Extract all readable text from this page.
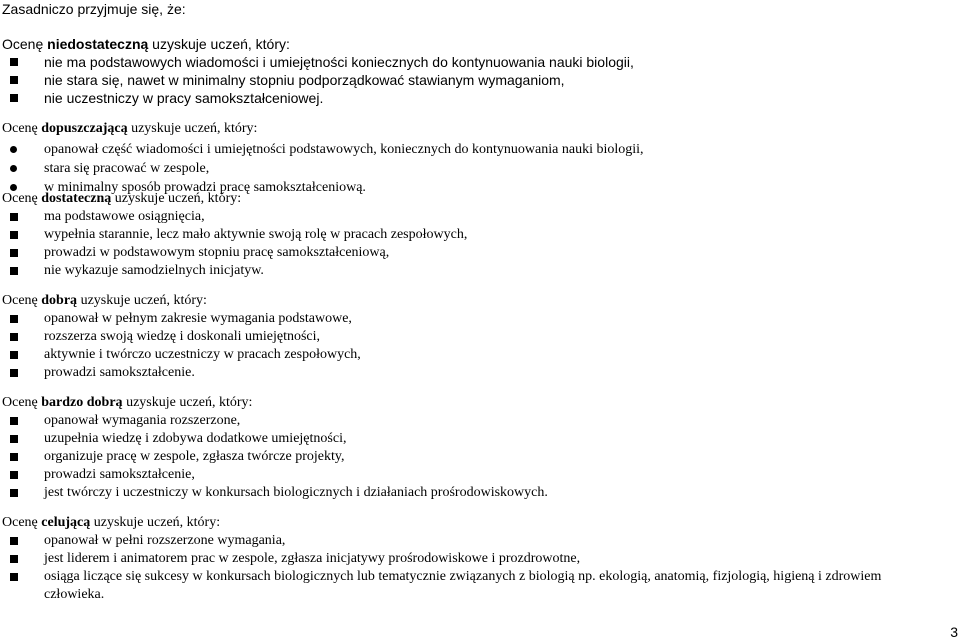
Zasadniczo przyjmuje się, że:
Ocenę niedostateczną uzyskuje uczeń, który:
nie ma podstawowych wiadomości i umiejętności koniecznych do kontynuowania nauki biologii,
nie stara się, nawet w minimalny stopniu podporządkować stawianym wymaganiom,
nie uczestniczy w pracy samokształceniowej.
Ocenę dopuszczającą uzyskuje uczeń, który:
opanował część wiadomości i umiejętności podstawowych, koniecznych do kontynuowania nauki biologii,
stara się pracować w zespole,
w minimalny sposób prowadzi pracę samokształceniową.
Ocenę dostateczną uzyskuje uczeń, który:
ma podstawowe osiągnięcia,
wypełnia starannie, lecz mało aktywnie swoją rolę w pracach zespołowych,
prowadzi w podstawowym stopniu pracę samokształceniową,
nie wykazuje samodzielnych inicjatyw.
Ocenę dobrą uzyskuje uczeń, który:
opanował w pełnym zakresie wymagania podstawowe,
rozszerza swoją wiedzę i doskonali umiejętności,
aktywnie i twórczo uczestniczy w pracach zespołowych,
prowadzi samokształcenie.
Ocenę bardzo dobrą uzyskuje uczeń, który:
opanował wymagania rozszerzone,
uzupełnia wiedzę i zdobywa dodatkowe umiejętności,
organizuje pracę w zespole, zgłasza twórcze projekty,
prowadzi samokształcenie,
jest twórczy i uczestniczy w konkursach biologicznych i działaniach prośrodowiskowych.
Ocenę celującą uzyskuje uczeń, który:
opanował w pełni rozszerzone wymagania,
jest liderem i animatorem prac w zespole, zgłasza inicjatywy prośrodowiskowe i prozdrowotne,
osiąga liczące się sukcesy w konkursach biologicznych lub tematycznie związanych z biologią np. ekologią, anatomią, fizjologią, higieną i zdrowiem
człowieka.
3
